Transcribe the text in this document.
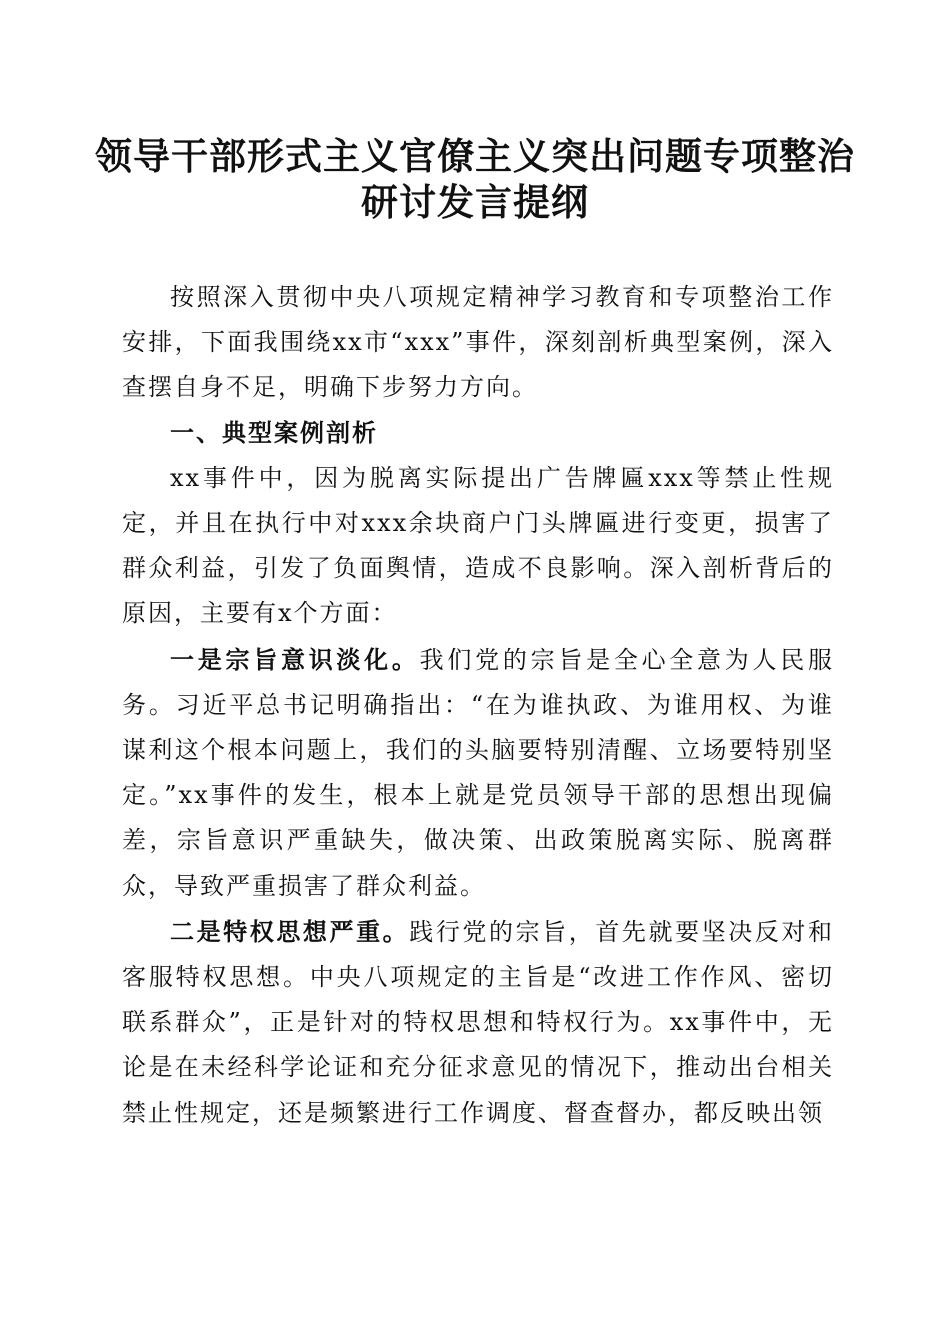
领导干部形式主义官僚主义突出问题专项整治
研讨发言提纲

按照深入贯彻中央八项规定精神学习教育和专项整治工作安排，下面我围绕xx市“xxx”事件，深刻剖析典型案例，深入查摆自身不足，明确下步努力方向。

一、典型案例剖析

xx事件中，因为脱离实际提出广告牌匾xxx等禁止性规定，并且在执行中对xxx余块商户门头牌匾进行变更，损害了群众利益，引发了负面舆情，造成不良影响。深入剖析背后的原因，主要有x个方面：

一是宗旨意识淡化。我们党的宗旨是全心全意为人民服务。习近平总书记明确指出：“在为谁执政、为谁用权、为谁谋利这个根本问题上，我们的头脑要特别清醒、立场要特别坚定。”xx事件的发生，根本上就是党员领导干部的思想出现偏差，宗旨意识严重缺失，做决策、出政策脱离实际、脱离群众，导致严重损害了群众利益。

二是特权思想严重。践行党的宗旨，首先就要坚决反对和客服特权思想。中央八项规定的主旨是“改进工作作风、密切联系群众”，正是针对的特权思想和特权行为。xx事件中，无论是在未经科学论证和充分征求意见的情况下，推动出台相关禁止性规定，还是频繁进行工作调度、督查督办，都反映出领
